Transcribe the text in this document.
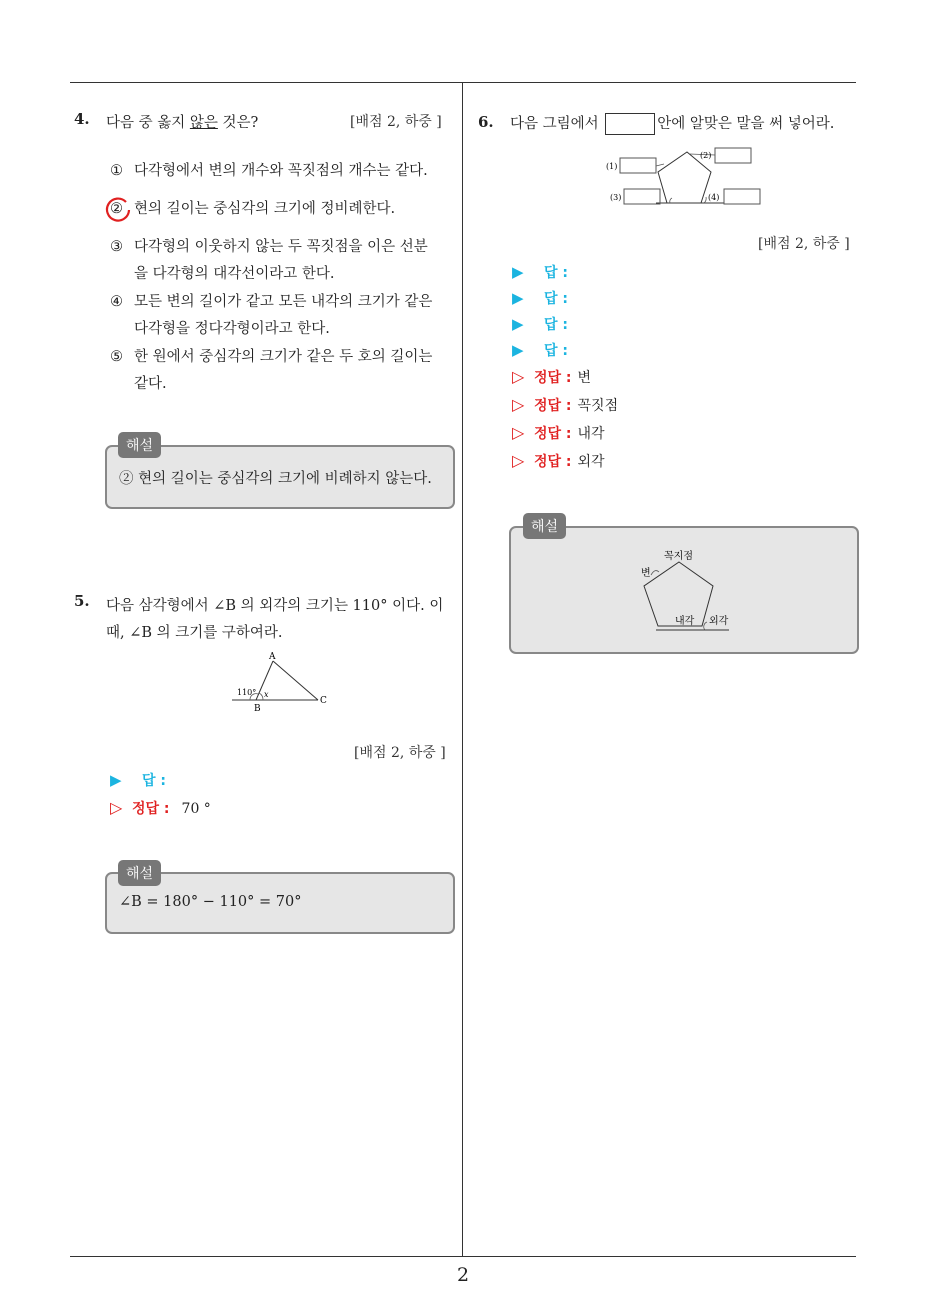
4. 다음 중 옳지 않은 것은?	[배점 2, 하중 ]
① 다각형에서 변의 개수와 꼭짓점의 개수는 같다.
② 현의 길이는 중심각의 크기에 정비례한다.
③ 다각형의 이웃하지 않는 두 꼭짓점을 이은 선분
을 다각형의 대각선이라고 한다.
④ 모든 변의 길이가 같고 모든 내각의 크기가 같은
다각형을 정다각형이라고 한다.
⑤ 한 원에서 중심각의 크기가 같은 두 호의 길이는
같다.
② 현의 길이는 중심각의 크기에 비례하지 않는다.
해설
5. 다음 삼각형에서 ∠B 의 외각의 크기는 110° 이다. 이
때, ∠B 의 크기를 구하여라.
A
B
C
110° x
[배점 2, 하중 ]
▶ 답 :
▷ 정답 : 70 °
∠B = 180° − 110° = 70°
해설
6. 다음 그림에서	안에 알맞은 말을 써 넣어라.
(1)
(2)
(3)	(4)
[배점 2, 하중 ]
▶ 답 :
▶ 답 :
▶ 답 :
▶ 답 :
▷ 정답 : 변
▷ 정답 : 꼭짓점
▷ 정답 : 내각
▷ 정답 : 외각
꼭지점
변
내각 외각
해설
2
